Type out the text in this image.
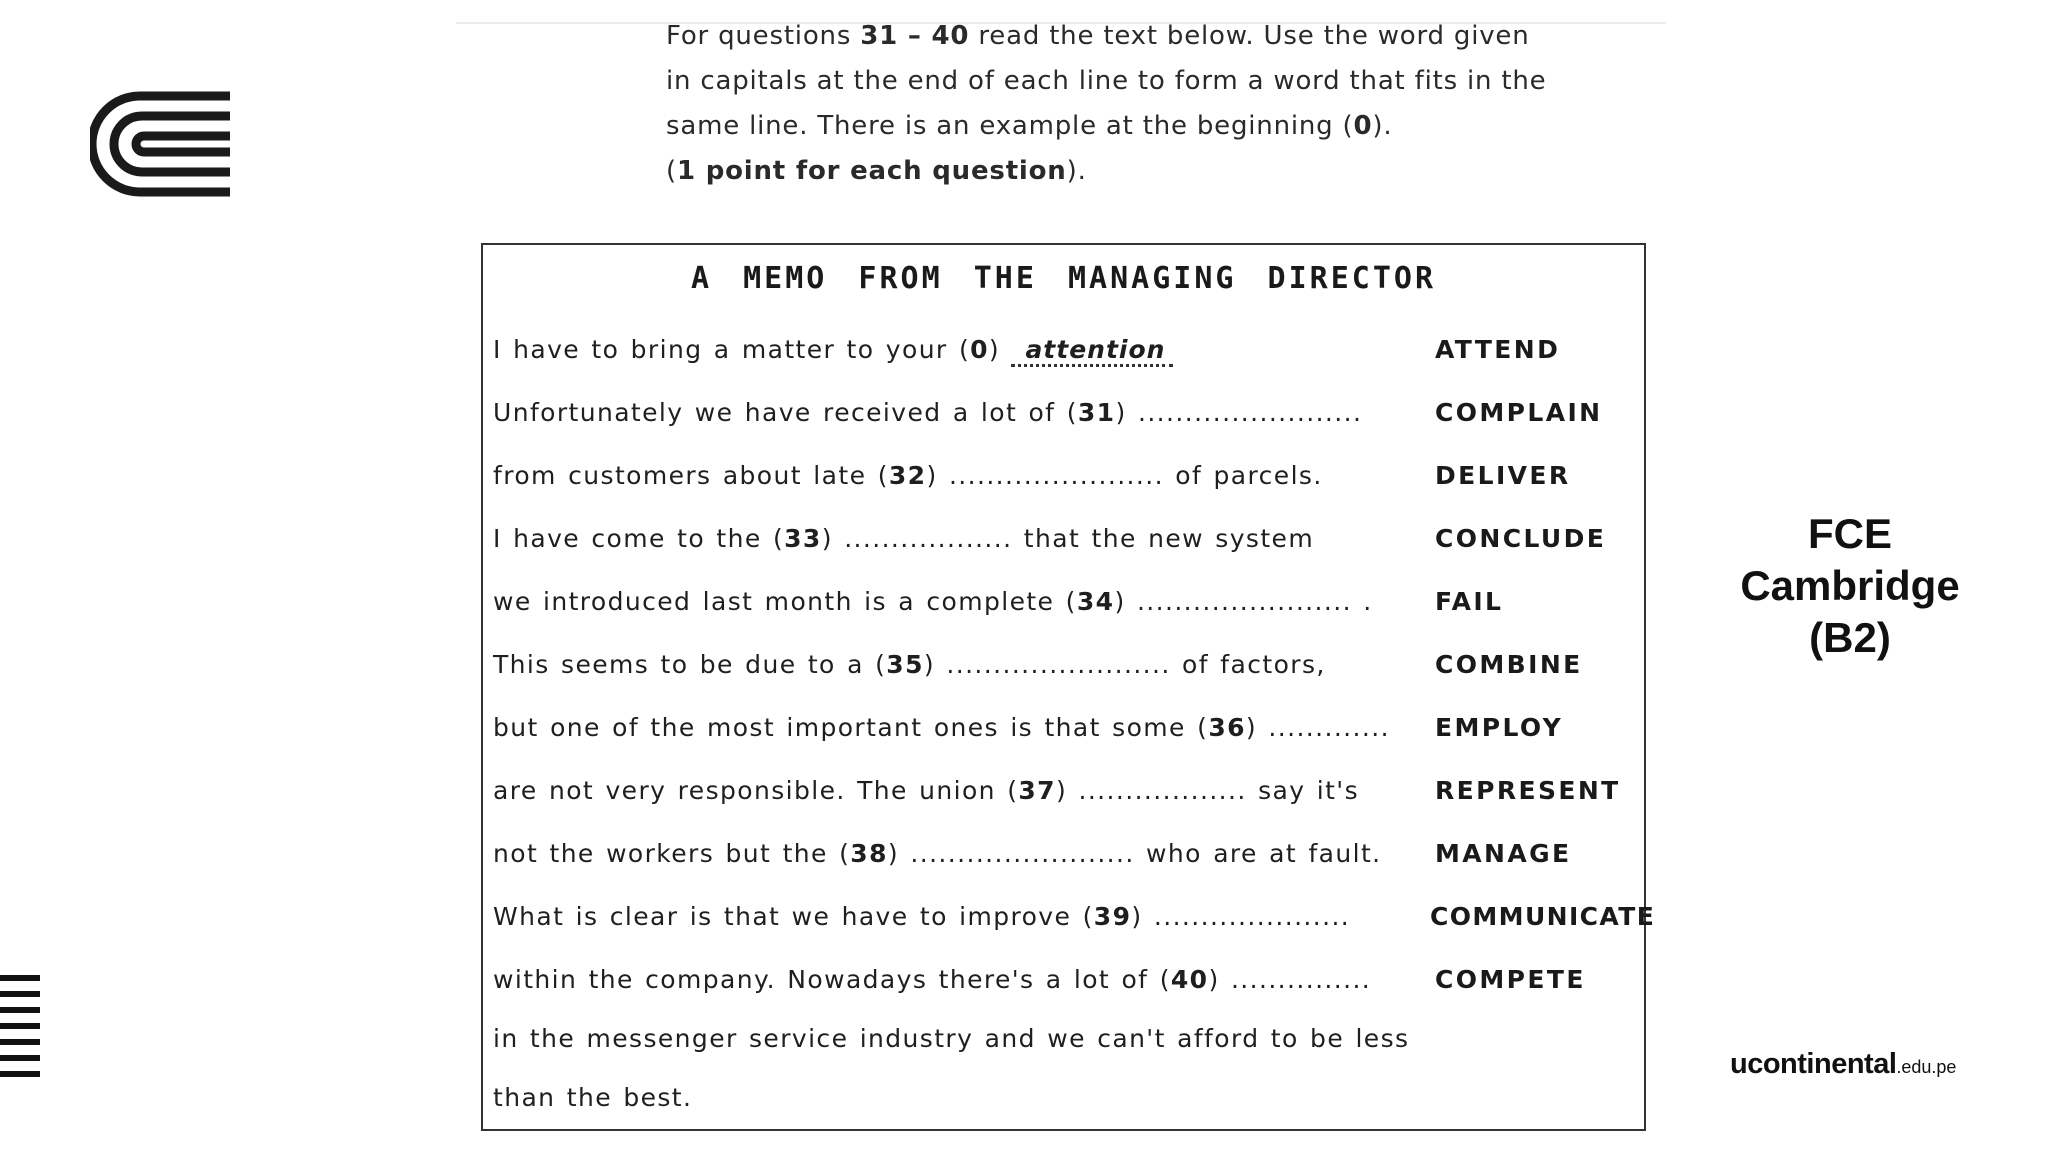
For questions 31 – 40 read the text below. Use the word given

in capitals at the end of each line to form a word that fits in the

same line. There is an example at the beginning (0).

(1 point for each question).

A MEMO FROM THE MANAGING DIRECTOR
I have to bring a matter to your (0) attention	ATTEND
Unfortunately we have received a lot of (31) ........................	COMPLAIN
from customers about late (32) ....................... of parcels.	DELIVER
I have come to the (33) .................. that the new system	CONCLUDE
we introduced last month is a complete (34) ....................... . FAIL
This seems to be due to a (35) ........................ of factors,	COMBINE
but one of the most important ones is that some (36) ............. EMPLOY
are not very responsible. The union (37) .................. say it's	REPRESENT
not the workers but the (38) ........................ who are at fault. MANAGE
What is clear is that we have to improve (39) .....................	COMMUNICATE
within the company. Nowadays there's a lot of (40) ...............	COMPETE
in the messenger service industry and we can't afford to be less
than the best.
FCE
Cambridge
(B2)
ucontinental.edu.pe
